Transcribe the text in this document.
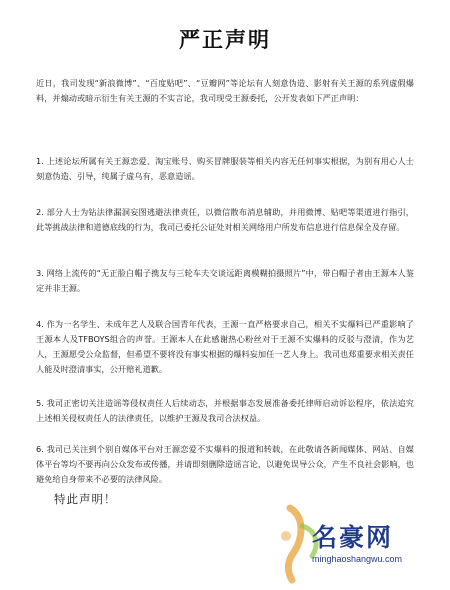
严正声明

近日，我司发现“新浪微博”、“百度贴吧”、“豆瓣网”等论坛有人刻意伪造、影射有关王源的系列虚假爆料，并煽动或暗示衍生有关王源的不实言论，我司现受王源委托，公开发表如下严正声明：

1. 上述论坛所属有关王源恋爱、淘宝账号、购买冒牌服装等相关内容无任何事实根据，为别有用心人士刻意伪造、引导，纯属子虚乌有，恶意造谣。

2. 部分人士为钻法律漏洞妄图逃避法律责任，以微信散布消息辅助，并用微博、贴吧等渠道进行指引，此等挑战法律和道德底线的行为，我司已委托公证处对相关网络用户所发布信息进行信息保全及存留。

3. 网络上流传的“无正脸白帽子携友与三轮车夫交谈远距离模糊拍摄照片”中，带白帽子者由王源本人鉴定并非王源。

4. 作为一名学生、未成年艺人及联合国青年代表，王源一直严格要求自己，相关不实爆料已严重影响了王源本人及TFBOYS组合的声誉。王源本人在此感谢热心粉丝对于王源不实爆料的反驳与澄清，作为艺人，王源愿受公众监督，但希望不要将没有事实根据的爆料妄加任一艺人身上。我司也郑重要求相关责任人能及时澄清事实，公开赔礼道歉。

5. 我司正密切关注造谣等侵权责任人后续动态，并根据事态发展准备委托律师启动诉讼程序，依法追究上述相关侵权责任人的法律责任，以维护王源及我司合法权益。

6. 我司已关注到个别自媒体平台对王源恋爱不实爆料的报道和转载，在此敬请各新闻媒体、网站、自媒体平台等均不要再向公众发布或传播，并请即刻删除造谣言论，以避免误导公众，产生不良社会影响，也避免给自身带来不必要的法律风险。

特此声明！
名豪网
minghaoshangwu.com
